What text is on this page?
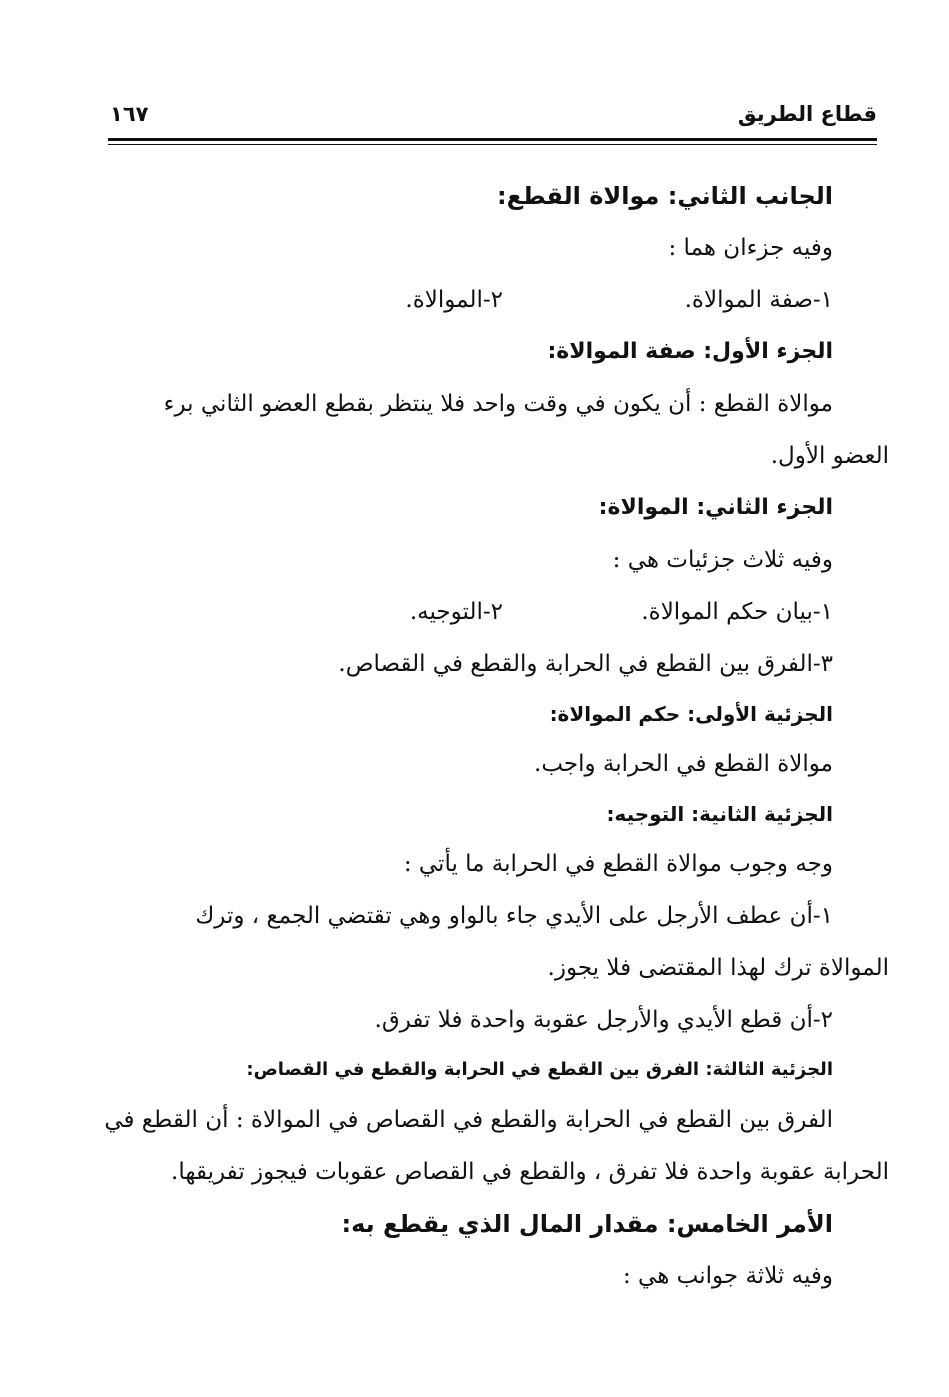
قطاع الطريق
١٦٧
الجانب الثاني: موالاة القطع:
وفيه جزءان هما :
١-صفة الموالاة.
٢-الموالاة.
الجزء الأول: صفة الموالاة:
موالاة القطع : أن يكون في وقت واحد فلا ينتظر بقطع العضو الثاني برء
العضو الأول.
الجزء الثاني: الموالاة:
وفيه ثلاث جزئيات هي :
١-بيان حكم الموالاة.
٢-التوجيه.
٣-الفرق بين القطع في الحرابة والقطع في القصاص.
الجزئية الأولى: حكم الموالاة:
موالاة القطع في الحرابة واجب.
الجزئية الثانية: التوجيه:
وجه وجوب موالاة القطع في الحرابة ما يأتي :
١-أن عطف الأرجل على الأيدي جاء بالواو وهي تقتضي الجمع ، وترك
الموالاة ترك لهذا المقتضى فلا يجوز.
٢-أن قطع الأيدي والأرجل عقوبة واحدة فلا تفرق.
الجزئية الثالثة: الفرق بين القطع في الحرابة والقطع في القصاص:
الفرق بين القطع في الحرابة والقطع في القصاص في الموالاة : أن القطع في
الحرابة عقوبة واحدة فلا تفرق ، والقطع في القصاص عقوبات فيجوز تفريقها.
الأمر الخامس: مقدار المال الذي يقطع به:
وفيه ثلاثة جوانب هي :
